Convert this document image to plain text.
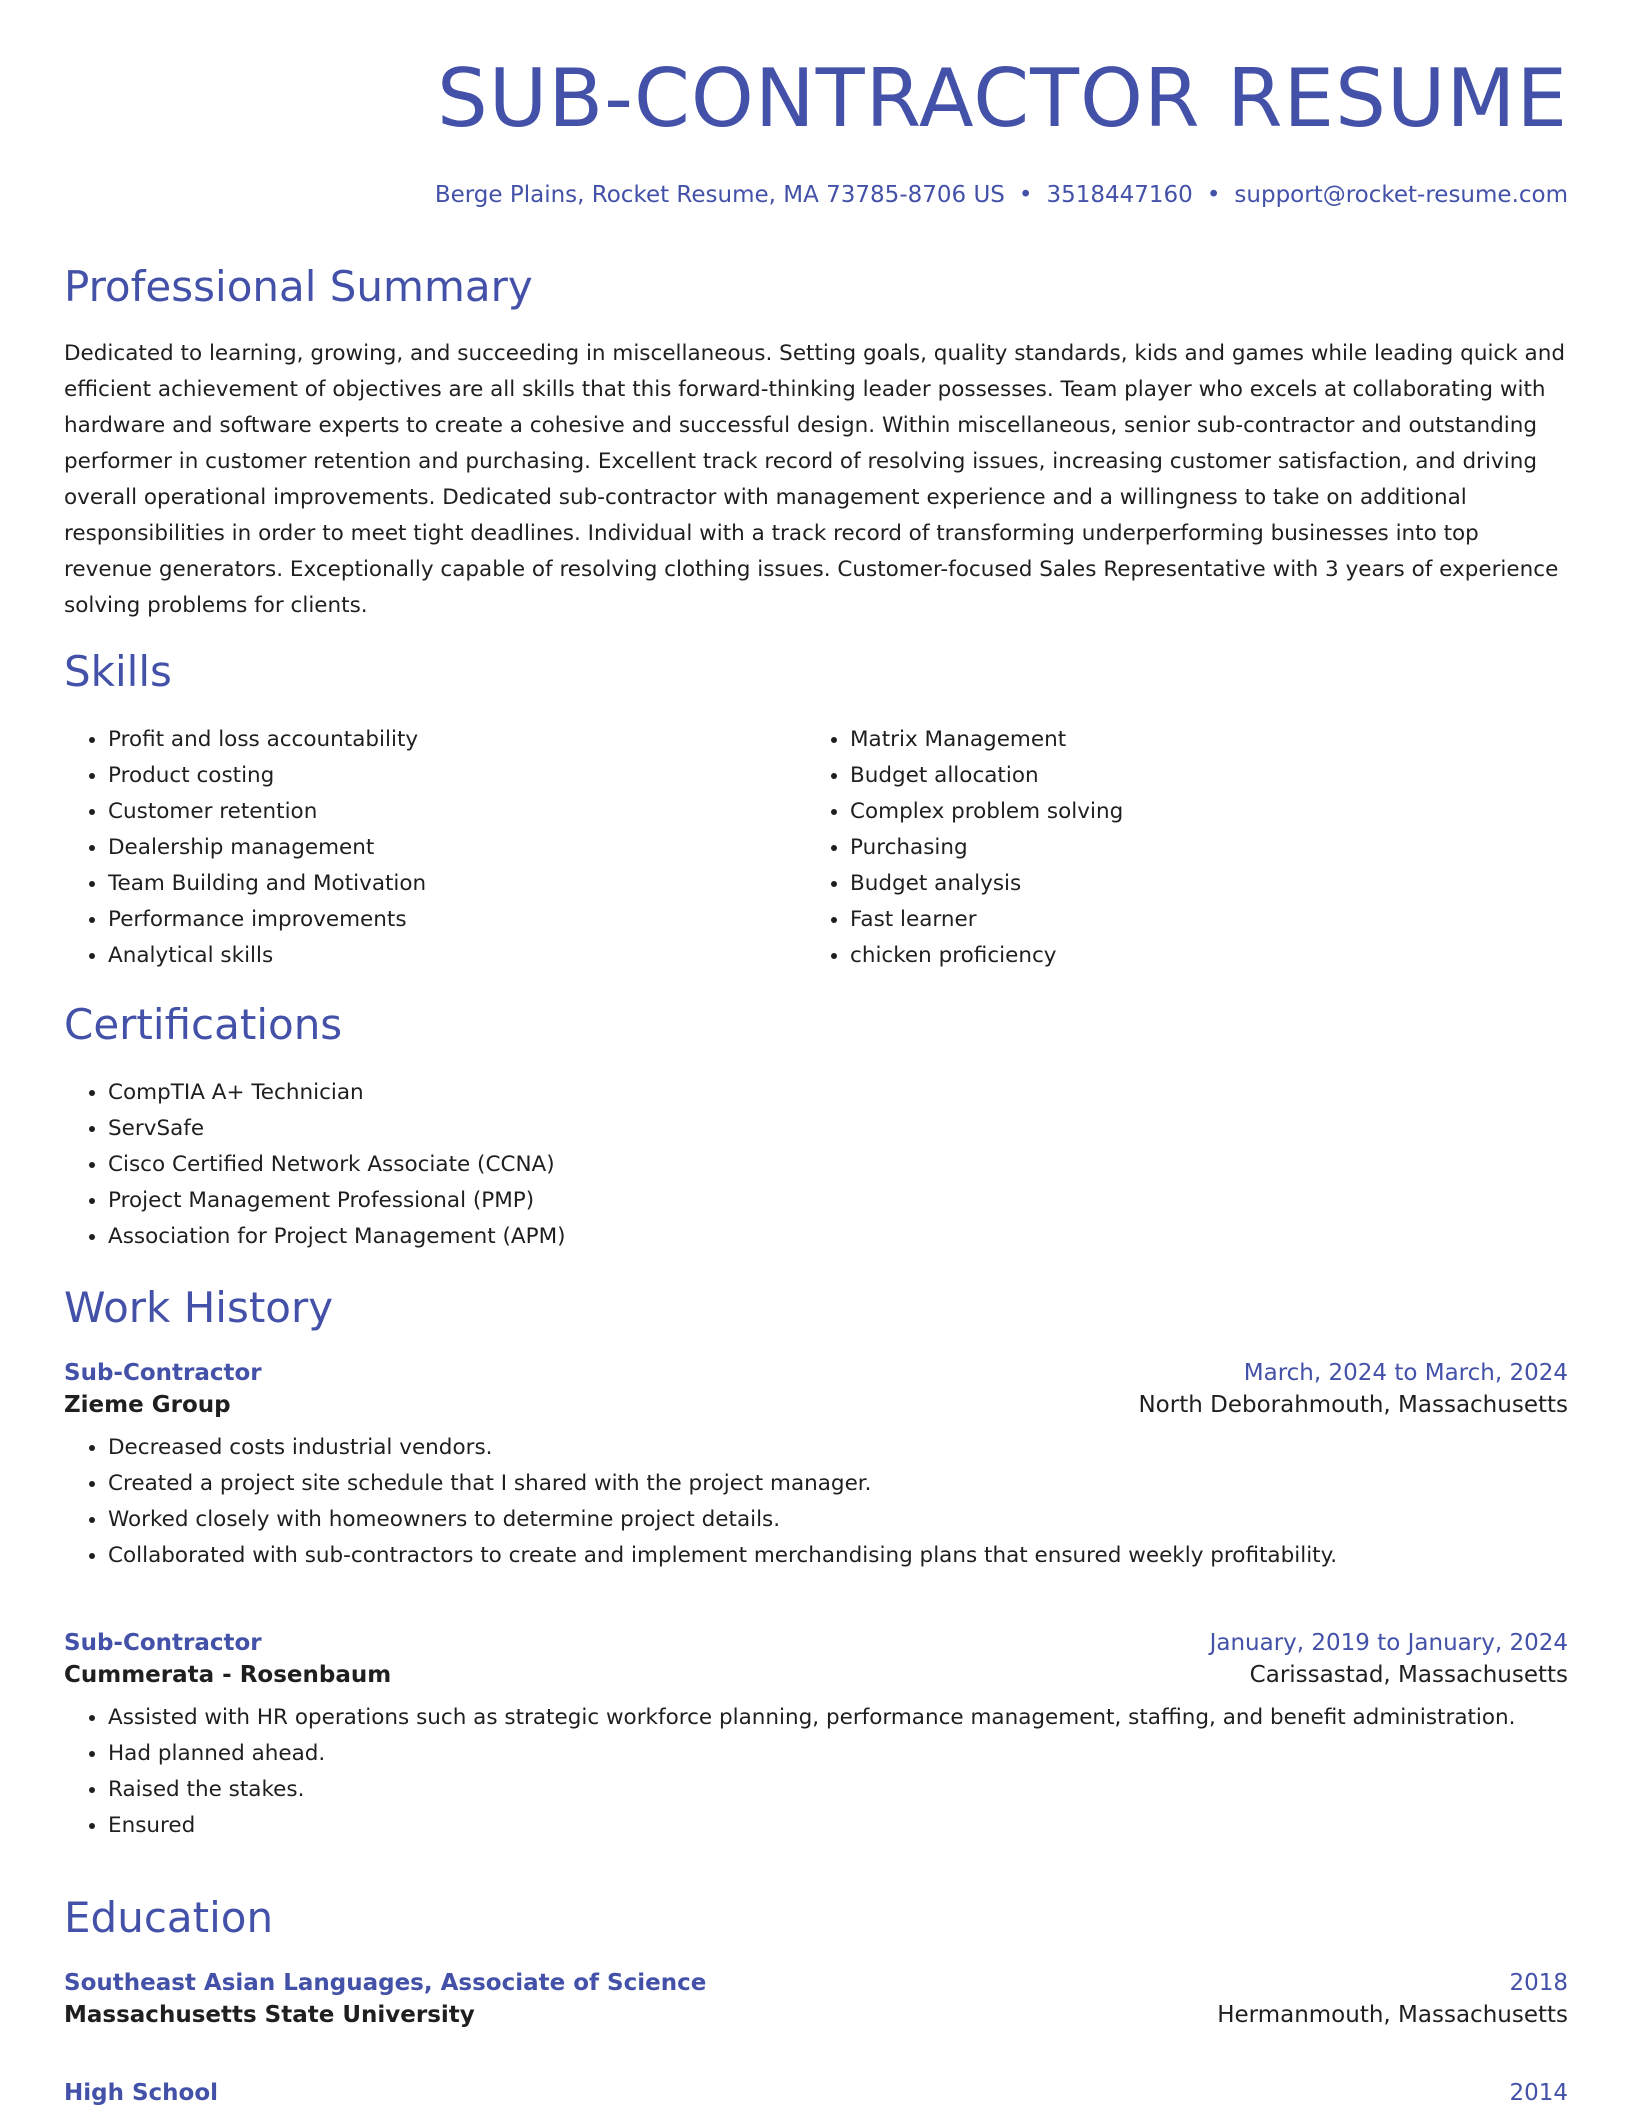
SUB-CONTRACTOR RESUME
Berge Plains, Rocket Resume, MA 73785-8706 US • 3518447160 • support@rocket-resume.com
Professional Summary

Dedicated to learning, growing, and succeeding in miscellaneous. Setting goals, quality standards, kids and games while leading quick and efficient achievement of objectives are all skills that this forward-thinking leader possesses. Team player who excels at collaborating with hardware and software experts to create a cohesive and successful design. Within miscellaneous, senior sub-contractor and outstanding performer in customer retention and purchasing. Excellent track record of resolving issues, increasing customer satisfaction, and driving overall operational improvements. Dedicated sub-contractor with management experience and a willingness to take on additional responsibilities in order to meet tight deadlines. Individual with a track record of transforming underperforming businesses into top revenue generators. Exceptionally capable of resolving clothing issues. Customer-focused Sales Representative with 3 years of experience solving problems for clients.

Skills
• Profit and loss accountability
• Product costing
• Customer retention
• Dealership management
• Team Building and Motivation
• Performance improvements
• Analytical skills
• Matrix Management
• Budget allocation
• Complex problem solving
• Purchasing
• Budget analysis
• Fast learner
• chicken proficiency
Certifications
• CompTIA A+ Technician
• ServSafe
• Cisco Certified Network Associate (CCNA)
• Project Management Professional (PMP)
• Association for Project Management (APM)
Work History
Sub-Contractor	March, 2024 to March, 2024
Zieme Group	North Deborahmouth, Massachusetts
• Decreased costs industrial vendors.
• Created a project site schedule that I shared with the project manager.
• Worked closely with homeowners to determine project details.
• Collaborated with sub-contractors to create and implement merchandising plans that ensured weekly profitability.
Sub-Contractor	January, 2019 to January, 2024
Cummerata - Rosenbaum	Carissastad, Massachusetts
• Assisted with HR operations such as strategic workforce planning, performance management, staffing, and benefit administration.
• Had planned ahead.
• Raised the stakes.
• Ensured
Education
Southeast Asian Languages, Associate of Science	2018
Massachusetts State University	Hermanmouth, Massachusetts
High School	2014
